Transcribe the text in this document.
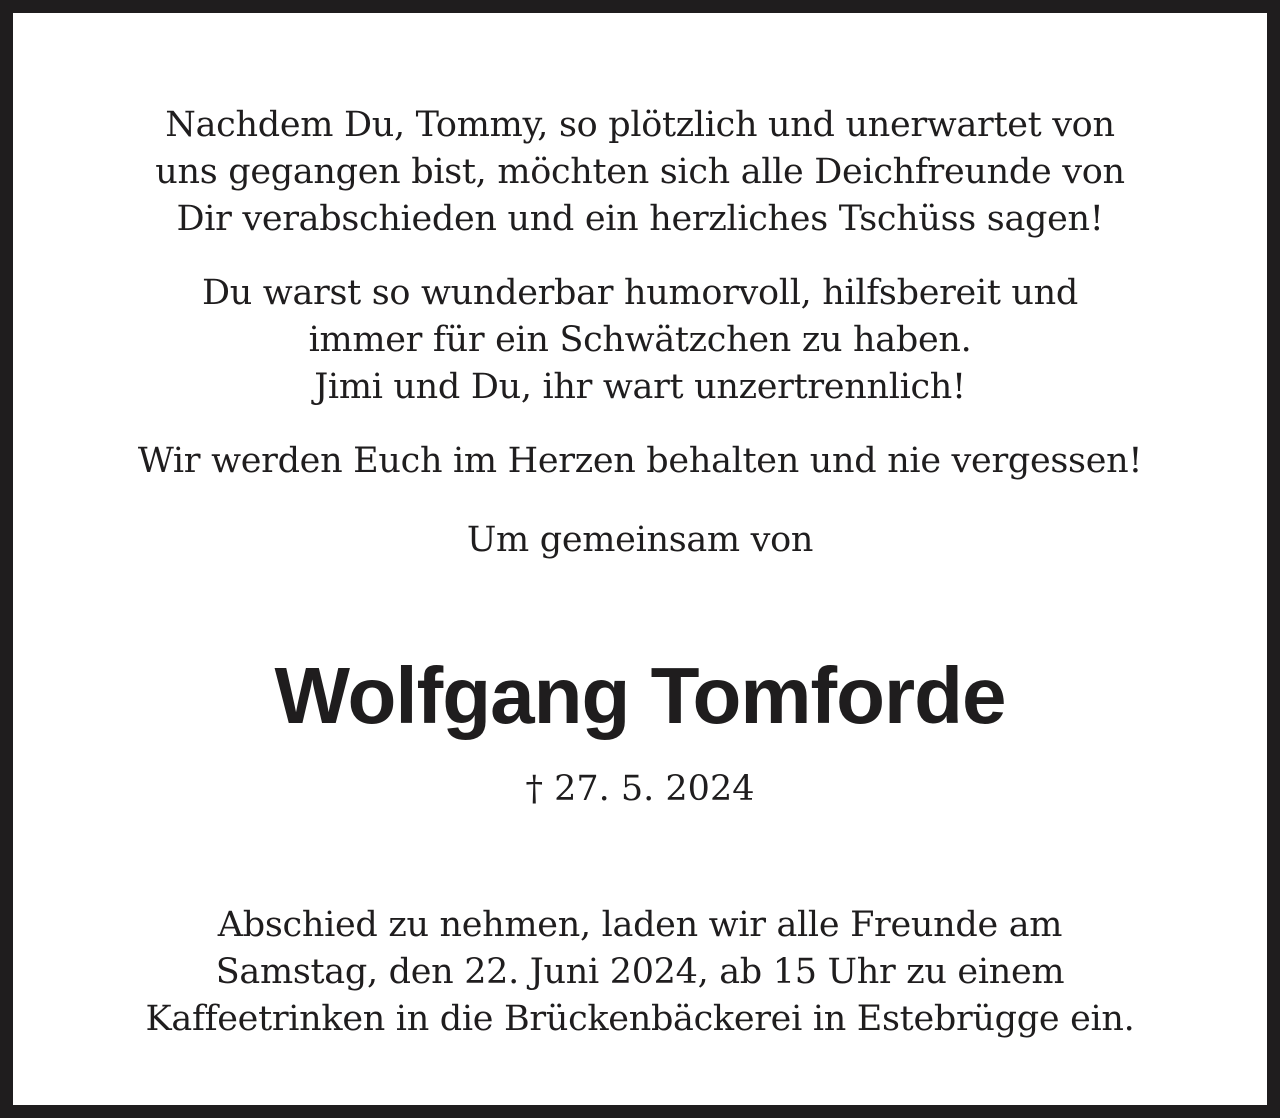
Nachdem Du, Tommy, so plötzlich und unerwartet von
uns gegangen bist, möchten sich alle Deichfreunde von
Dir verabschieden und ein herzliches Tschüss sagen!

Du warst so wunderbar humorvoll, hilfsbereit und
immer für ein Schwätzchen zu haben.
Jimi und Du, ihr wart unzertrennlich!

Wir werden Euch im Herzen behalten und nie vergessen!

Um gemeinsam von

Wolfgang Tomforde

† 27. 5. 2024

Abschied zu nehmen, laden wir alle Freunde am
Samstag, den 22. Juni 2024, ab 15 Uhr zu einem
Kaffeetrinken in die Brückenbäckerei in Estebrügge ein.
